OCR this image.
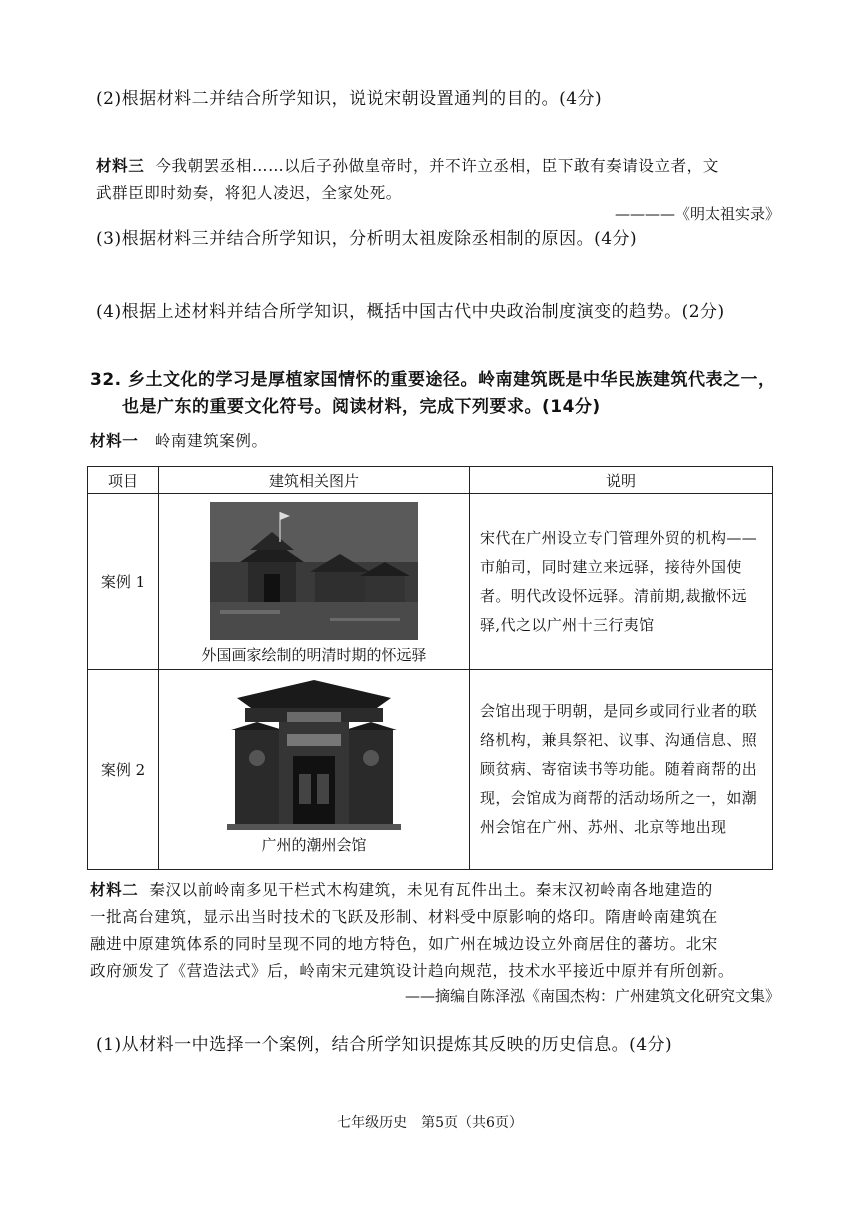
(2)根据材料二并结合所学知识，说说宋朝设置通判的目的。(4分)
材料三 今我朝罢丞相……以后子孙做皇帝时，并不许立丞相，臣下敢有奏请设立者，文
武群臣即时劾奏，将犯人凌迟，全家处死。
————《明太祖实录》
(3)根据材料三并结合所学知识，分析明太祖废除丞相制的原因。(4分)
(4)根据上述材料并结合所学知识，概括中国古代中央政治制度演变的趋势。(2分)
32. 乡土文化的学习是厚植家国情怀的重要途径。岭南建筑既是中华民族建筑代表之一，
也是广东的重要文化符号。阅读材料，完成下列要求。(14分)
材料一 岭南建筑案例。
项目	建筑相关图片	说明
案例 1	外国画家绘制的明清时期的怀远驿	宋代在广州设立专门管理外贸的机构——市舶司，同时建立来远驿，接待外国使者。明代改设怀远驿。清前期,裁撤怀远驿,代之以广州十三行夷馆
案例 2	广州的潮州会馆	会馆出现于明朝，是同乡或同行业者的联络机构，兼具祭祀、议事、沟通信息、照顾贫病、寄宿读书等功能。随着商帮的出现，会馆成为商帮的活动场所之一，如潮州会馆在广州、苏州、北京等地出现
材料二 秦汉以前岭南多见干栏式木构建筑，未见有瓦件出土。秦末汉初岭南各地建造的
一批高台建筑，显示出当时技术的飞跃及形制、材料受中原影响的烙印。隋唐岭南建筑在
融进中原建筑体系的同时呈现不同的地方特色，如广州在城边设立外商居住的蕃坊。北宋
政府颁发了《营造法式》后，岭南宋元建筑设计趋向规范，技术水平接近中原并有所创新。
——摘编自陈泽泓《南国杰构：广州建筑文化研究文集》
(1)从材料一中选择一个案例，结合所学知识提炼其反映的历史信息。(4分)
七年级历史　第5页（共6页）
